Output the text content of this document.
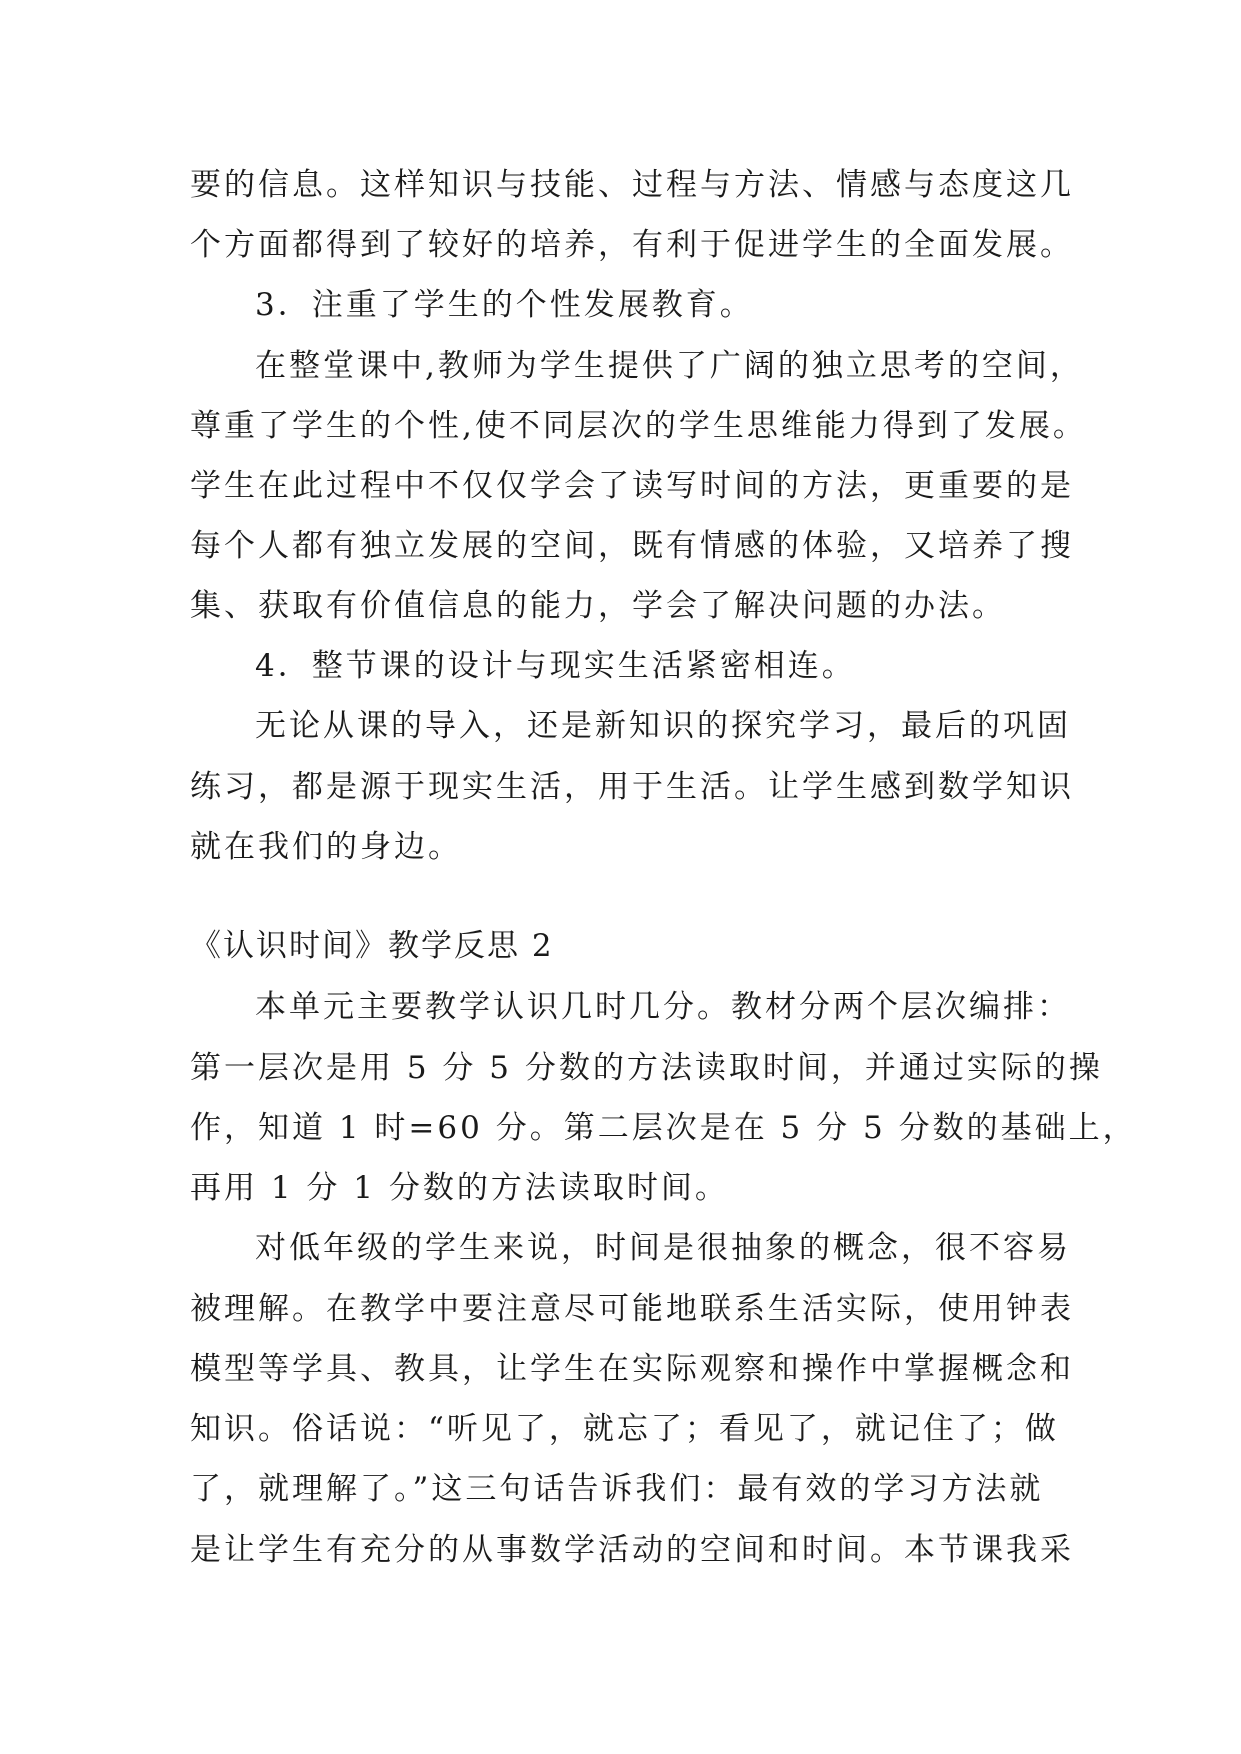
要的信息。这样知识与技能、过程与方法、情感与态度这几
个方面都得到了较好的培养，有利于促进学生的全面发展。
3．注重了学生的个性发展教育。
在整堂课中,教师为学生提供了广阔的独立思考的空间，
尊重了学生的个性,使不同层次的学生思维能力得到了发展。
学生在此过程中不仅仅学会了读写时间的方法，更重要的是
每个人都有独立发展的空间，既有情感的体验，又培养了搜
集、获取有价值信息的能力，学会了解决问题的办法。
4．整节课的设计与现实生活紧密相连。
无论从课的导入，还是新知识的探究学习，最后的巩固
练习，都是源于现实生活，用于生活。让学生感到数学知识
就在我们的身边。
《认识时间》教学反思 2
本单元主要教学认识几时几分。教材分两个层次编排：
第一层次是用 5 分 5 分数的方法读取时间，并通过实际的操
作，知道 1 时=60 分。第二层次是在 5 分 5 分数的基础上，
再用 1 分 1 分数的方法读取时间。
对低年级的学生来说，时间是很抽象的概念，很不容易
被理解。在教学中要注意尽可能地联系生活实际，使用钟表
模型等学具、教具，让学生在实际观察和操作中掌握概念和
知识。俗话说：“听见了，就忘了；看见了，就记住了；做
了，就理解了。”这三句话告诉我们：最有效的学习方法就
是让学生有充分的从事数学活动的空间和时间。本节课我采
